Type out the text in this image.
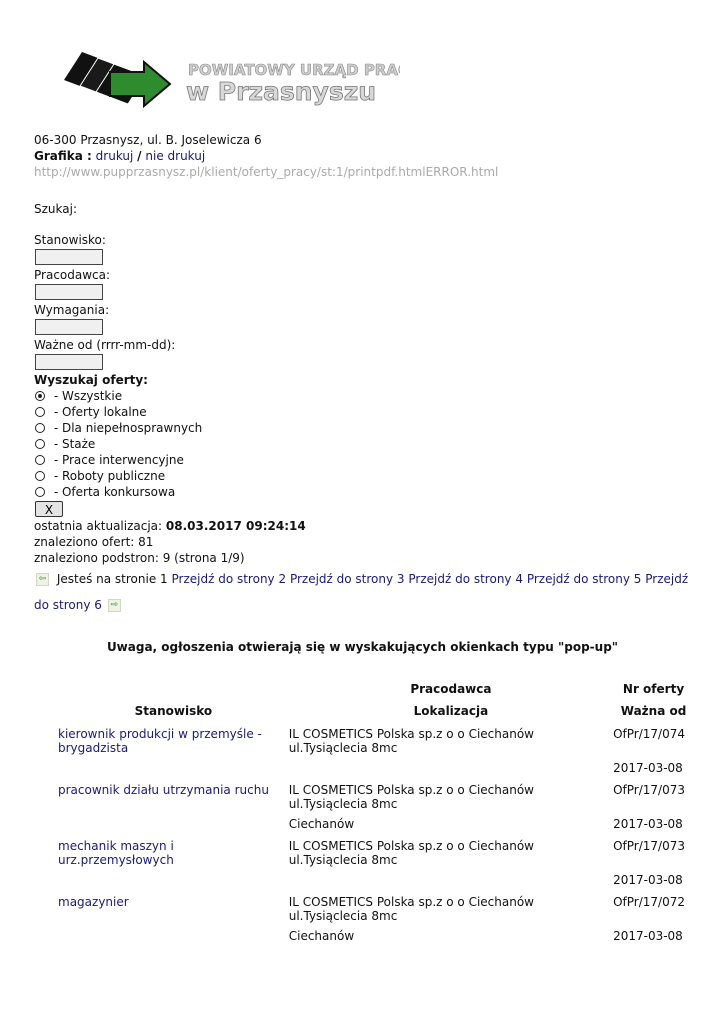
POWIATOWY URZĄD PRACY
w Przasnyszu
06-300 Przasnysz, ul. B. Joselewicza 6
Grafika : drukuj / nie drukuj
http://www.pupprzasnysz.pl/klient/oferty_pracy/st:1/printpdf.htmlERROR.html
Szukaj:
Stanowisko:
Pracodawca:
Wymagania:
Ważne od (rrrr-mm-dd):
Wyszukaj oferty:
- Wszystkie
- Oferty lokalne
- Dla niepełnosprawnych
- Staże
- Prace interwencyjne
- Roboty publiczne
- Oferta konkursowa
X
ostatnia aktualizacja: 08.03.2017 09:24:14
znaleziono ofert: 81
znaleziono podstron: 9 (strona 1/9)
⇦ Jesteś na stronie 1 Przejdź do strony 2 Przejdź do strony 3 Przejdź do strony 4 Przejdź do strony 5 Przejdź do strony 6 ⇨
Uwaga, ogłoszenia otwierają się w wyskakujących okienkach typu "pop-up"
	Pracodawca	Nr oferty
Stanowisko	Lokalizacja	Ważna od
kierownik produkcji w przemyśle -brygadzista	IL COSMETICS Polska sp.z o o Ciechanów ul.Tysiąclecia 8mc	OfPr/17/074
		2017-03-08
pracownik działu utrzymania ruchu	IL COSMETICS Polska sp.z o o Ciechanów ul.Tysiąclecia 8mc	OfPr/17/073
	Ciechanów	2017-03-08
mechanik maszyn i urz.przemysłowych	IL COSMETICS Polska sp.z o o Ciechanów ul.Tysiąclecia 8mc	OfPr/17/073
		2017-03-08
magazynier	IL COSMETICS Polska sp.z o o Ciechanów ul.Tysiąclecia 8mc	OfPr/17/072
	Ciechanów	2017-03-08
